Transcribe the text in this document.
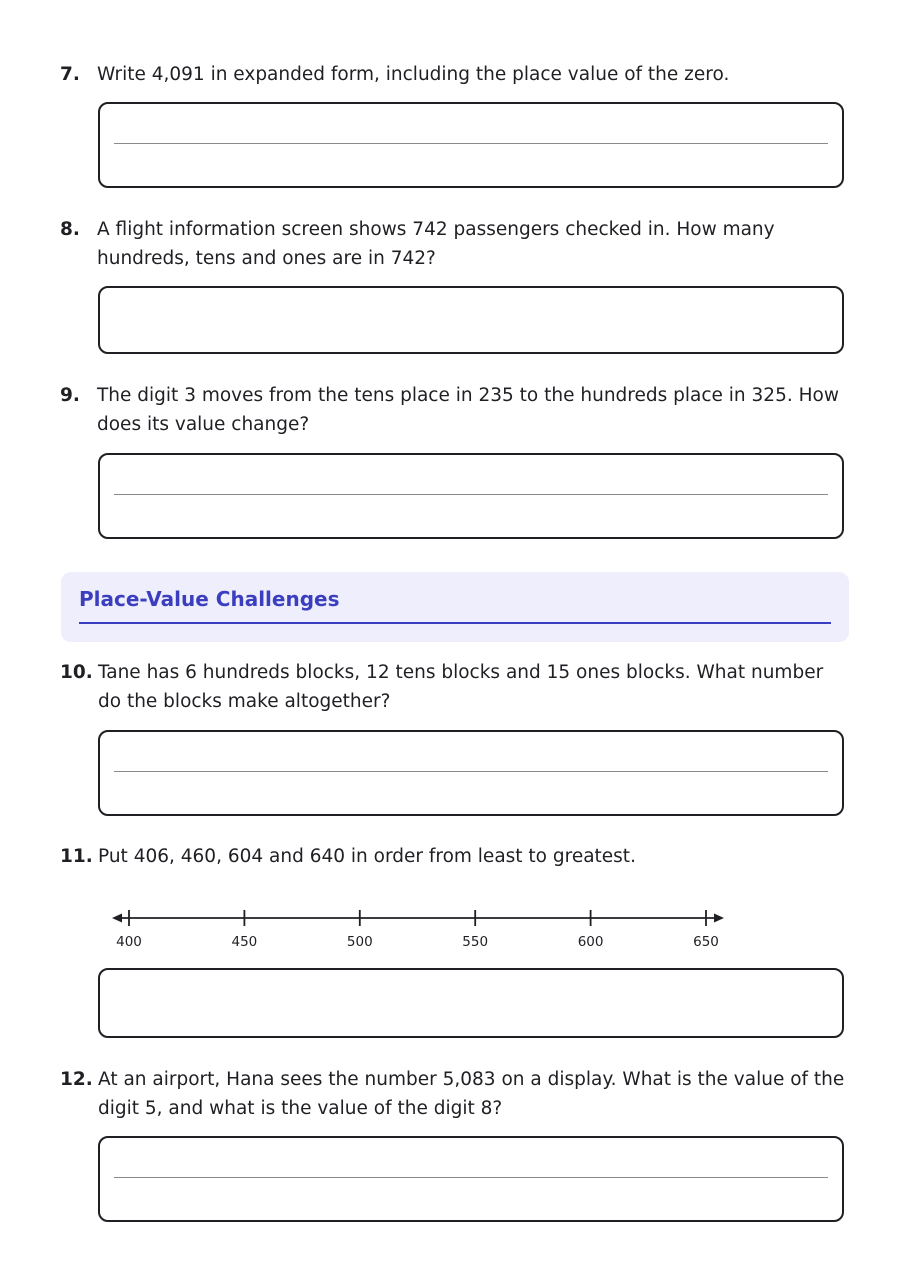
7. Write 4,091 in expanded form, including the place value of the zero.
8. A flight information screen shows 742 passengers checked in. How many hundreds, tens and ones are in 742?
9. The digit 3 moves from the tens place in 235 to the hundreds place in 325. How does its value change?
Place-Value Challenges
10. Tane has 6 hundreds blocks, 12 tens blocks and 15 ones blocks. What number do the blocks make altogether?
11. Put 406, 460, 604 and 640 in order from least to greatest.
400	450	500	550	600	650
12. At an airport, Hana sees the number 5,083 on a display. What is the value of the digit 5, and what is the value of the digit 8?
